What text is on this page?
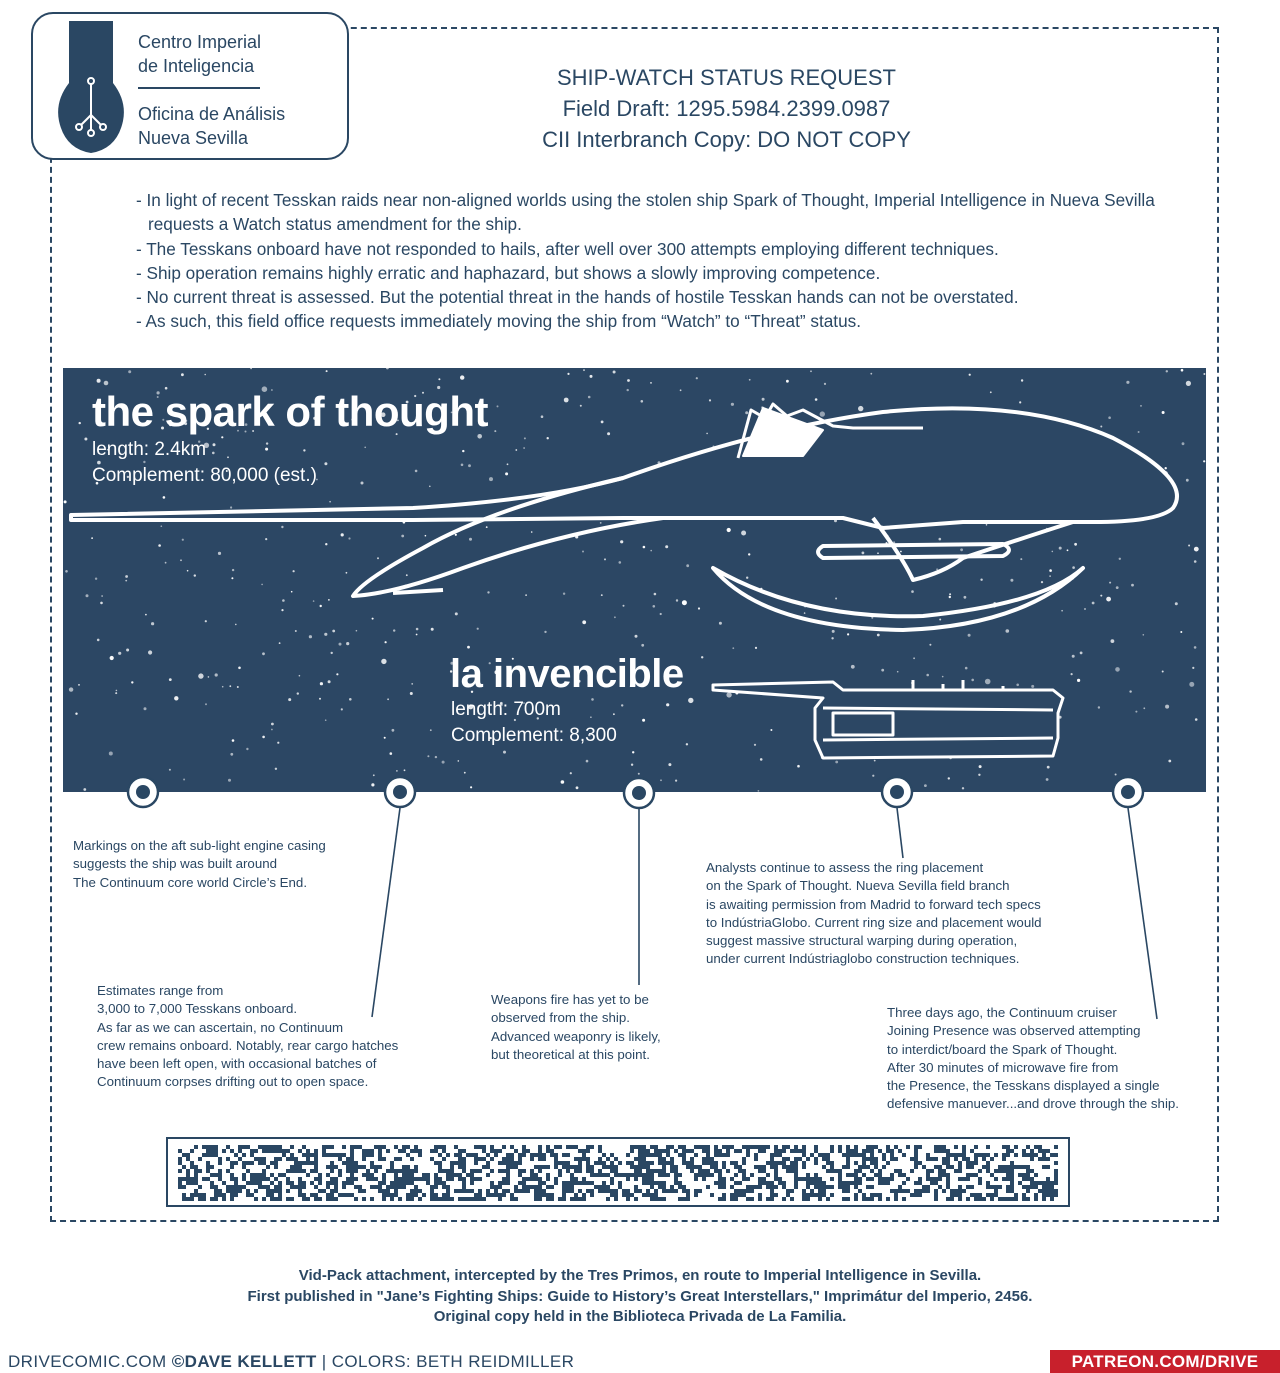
Centro Imperial
de Inteligencia
Oficina de Análisis
Nueva Sevilla
SHIP-WATCH STATUS REQUEST
Field Draft: 1295.5984.2399.0987
CII Interbranch Copy: DO NOT COPY
- In light of recent Tesskan raids near non-aligned worlds using the stolen ship Spark of Thought, Imperial Intelligence in Nueva Sevilla requests a Watch status amendment for the ship.
- The Tesskans onboard have not responded to hails, after well over 300 attempts employing different techniques.
- Ship operation remains highly erratic and haphazard, but shows a slowly improving competence.
- No current threat is assessed. But the potential threat in the hands of hostile Tesskan hands can not be overstated.
- As such, this field office requests immediately moving the ship from “Watch” to “Threat” status.
the spark of thought
length: 2.4km
Complement: 80,000 (est.)
la invencible
length: 700m
Complement: 8,300
Markings on the aft sub-light engine casing
suggests the ship was built around
The Continuum core world Circle’s End.
Estimates range from
3,000 to 7,000 Tesskans onboard.
As far as we can ascertain, no Continuum
crew remains onboard. Notably, rear cargo hatches
have been left open, with occasional batches of
Continuum corpses drifting out to open space.
Weapons fire has yet to be
observed from the ship.
Advanced weaponry is likely,
but theoretical at this point.
Analysts continue to assess the ring placement
on the Spark of Thought. Nueva Sevilla field branch
is awaiting permission from Madrid to forward tech specs
to IndústriaGlobo. Current ring size and placement would
suggest massive structural warping during operation,
under current Indústriaglobo construction techniques.
Three days ago, the Continuum cruiser
Joining Presence was observed attempting
to interdict/board the Spark of Thought.
After 30 minutes of microwave fire from
the Presence, the Tesskans displayed a single
defensive manuever...and drove through the ship.
Vid-Pack attachment, intercepted by the Tres Primos, en route to Imperial Intelligence in Sevilla.
First published in "Jane’s Fighting Ships: Guide to History’s Great Interstellars," Imprimátur del Imperio, 2456.
Original copy held in the Biblioteca Privada de La Familia.
DRIVECOMIC.COM ©DAVE KELLETT | COLORS: BETH REIDMILLER	PATREON.COM/DRIVE
